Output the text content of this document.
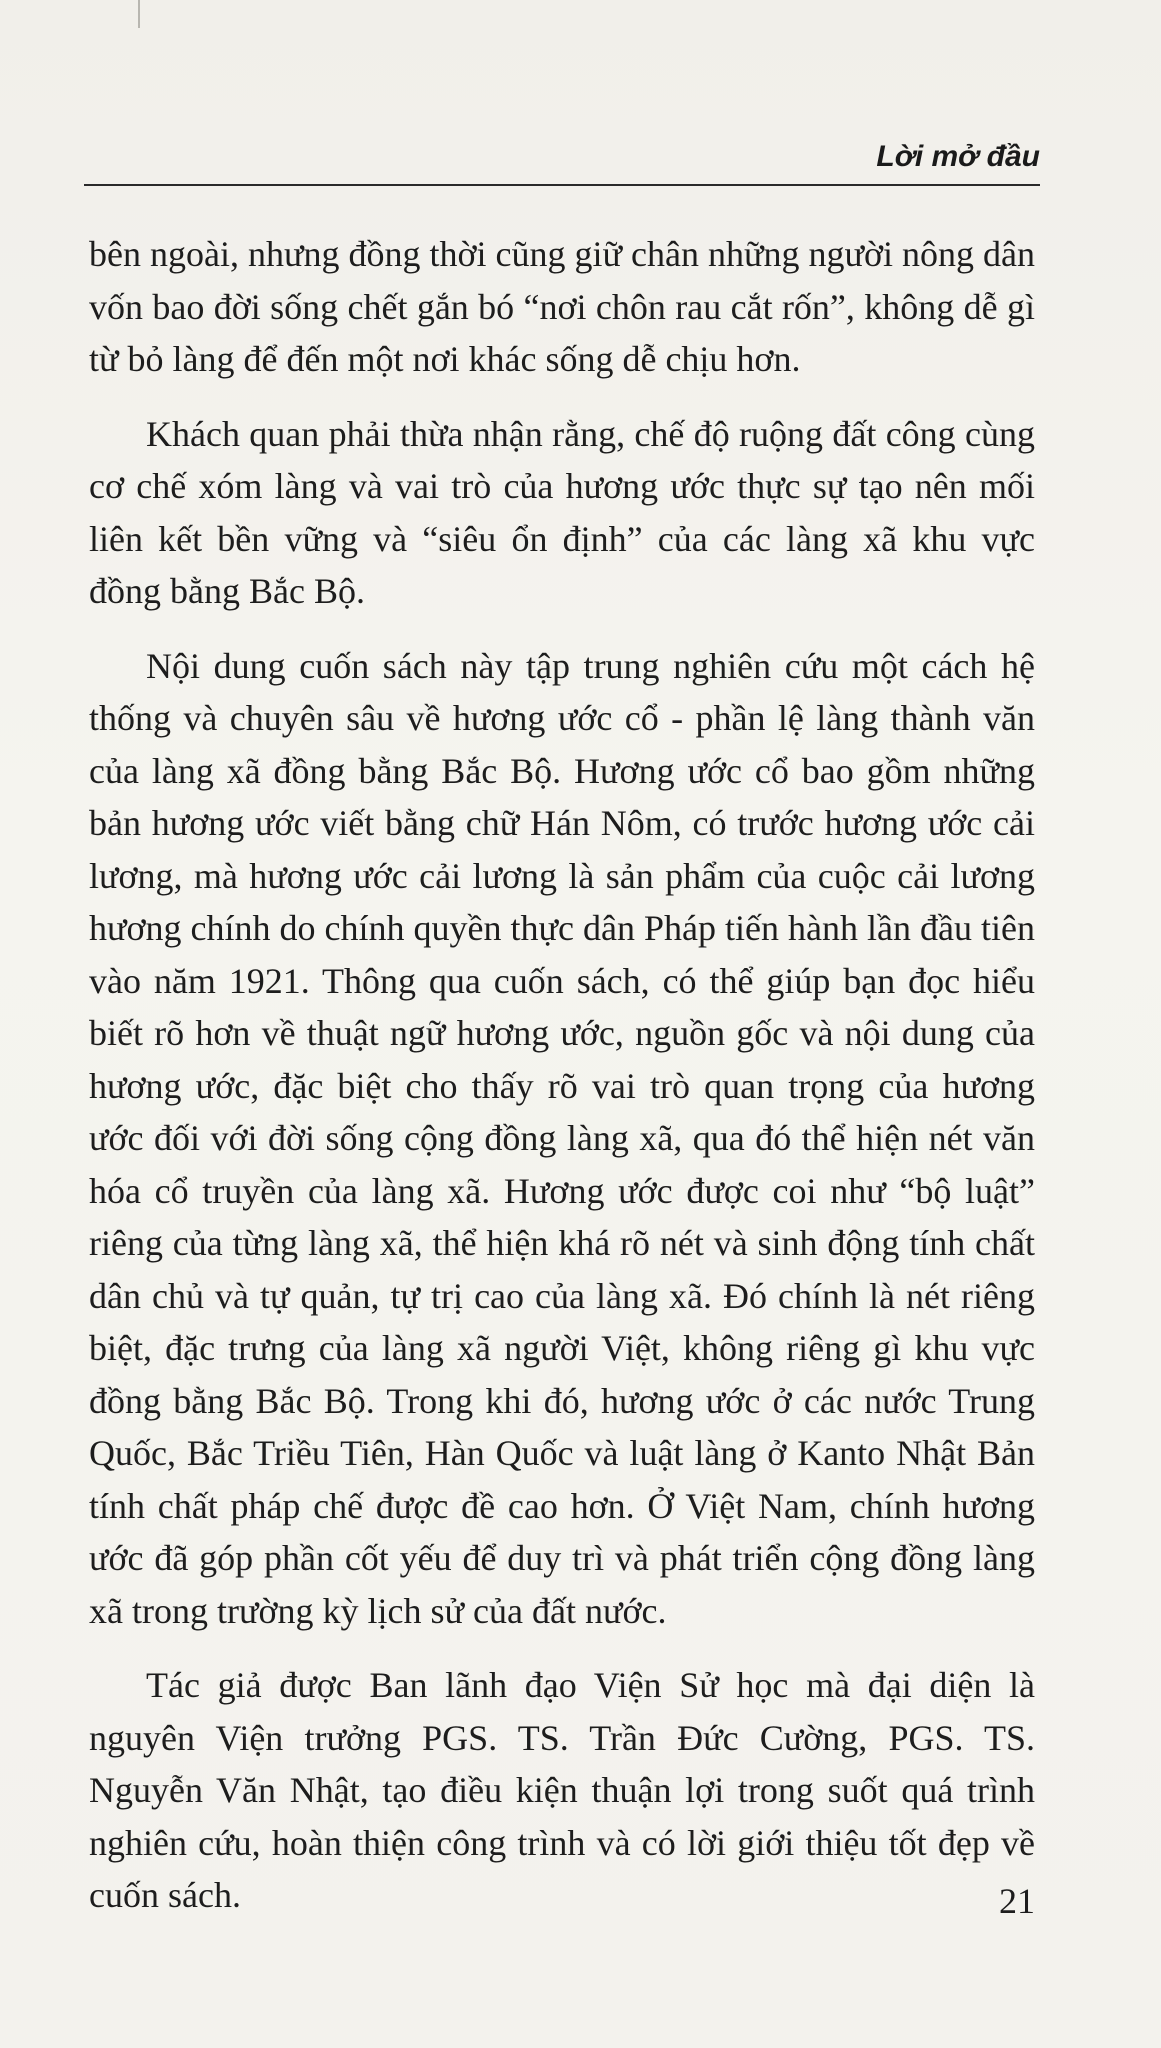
Lời mở đầu

bên ngoài, nhưng đồng thời cũng giữ chân những người nông dân vốn bao đời sống chết gắn bó “nơi chôn rau cắt rốn”, không dễ gì từ bỏ làng để đến một nơi khác sống dễ chịu hơn.

Khách quan phải thừa nhận rằng, chế độ ruộng đất công cùng cơ chế xóm làng và vai trò của hương ước thực sự tạo nên mối liên kết bền vững và “siêu ổn định” của các làng xã khu vực đồng bằng Bắc Bộ.

Nội dung cuốn sách này tập trung nghiên cứu một cách hệ thống và chuyên sâu về hương ước cổ - phần lệ làng thành văn của làng xã đồng bằng Bắc Bộ. Hương ước cổ bao gồm những bản hương ước viết bằng chữ Hán Nôm, có trước hương ước cải lương, mà hương ước cải lương là sản phẩm của cuộc cải lương hương chính do chính quyền thực dân Pháp tiến hành lần đầu tiên vào năm 1921. Thông qua cuốn sách, có thể giúp bạn đọc hiểu biết rõ hơn về thuật ngữ hương ước, nguồn gốc và nội dung của hương ước, đặc biệt cho thấy rõ vai trò quan trọng của hương ước đối với đời sống cộng đồng làng xã, qua đó thể hiện nét văn hóa cổ truyền của làng xã. Hương ước được coi như “bộ luật” riêng của từng làng xã, thể hiện khá rõ nét và sinh động tính chất dân chủ và tự quản, tự trị cao của làng xã. Đó chính là nét riêng biệt, đặc trưng của làng xã người Việt, không riêng gì khu vực đồng bằng Bắc Bộ. Trong khi đó, hương ước ở các nước Trung Quốc, Bắc Triều Tiên, Hàn Quốc và luật làng ở Kanto Nhật Bản tính chất pháp chế được đề cao hơn. Ở Việt Nam, chính hương ước đã góp phần cốt yếu để duy trì và phát triển cộng đồng làng xã trong trường kỳ lịch sử của đất nước.

Tác giả được Ban lãnh đạo Viện Sử học mà đại diện là nguyên Viện trưởng PGS. TS. Trần Đức Cường, PGS. TS. Nguyễn Văn Nhật, tạo điều kiện thuận lợi trong suốt quá trình nghiên cứu, hoàn thiện công trình và có lời giới thiệu tốt đẹp về cuốn sách.	21
